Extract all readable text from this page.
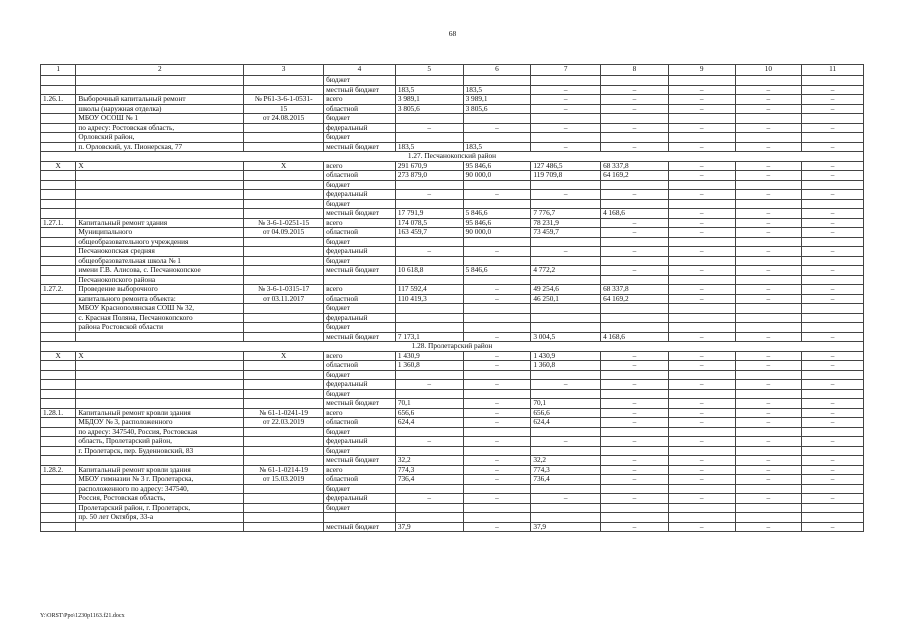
68
1	2	3	4	5	6	7	8	9	10	11
			бюджет							
			местный бюджет	183,5	183,5	–	–	–	–	–
1.26.1.	Выборочный капитальный ремонт	№ Р61-3-6-1-0531-	всего	3 989,1	3 989,1	–	–	–	–	–
	школы (наружная отделка)	15	областной	3 805,6	3 805,6	–	–	–	–	–
	МБОУ ОСОШ № 1	от 24.08.2015	бюджет							
	по адресу: Ростовская область,		федеральный	–	–	–	–	–	–	–
	Орловский район,		бюджет							
	п. Орловский, ул. Пионерская, 77		местный бюджет	183,5	183,5	–	–	–	–	–
1.27. Песчанокопский район										
Х	Х	Х	всего	291 670,9	95 846,6	127 486,5	68 337,8	–	–	–
			областной	273 879,0	90 000,0	119 709,8	64 169,2	–	–	–
			бюджет							
			федеральный	–	–	–	–	–	–	–
			бюджет							
			местный бюджет	17 791,9	5 846,6	7 776,7	4 168,6	–	–	–
1.27.1.	Капитальный ремонт здания	№ 3-6-1-0251-15	всего	174 078,5	95 846,6	78 231,9	–	–	–	–
	Муниципального	от 04.09.2015	областной	163 459,7	90 000,0	73 459,7	–	–	–	–
	общеобразовательного учреждения		бюджет							
	Песчанокопская средняя		федеральный	–	–	–	–	–	–	–
	общеобразовательная школа № 1		бюджет							
	имени Г.В. Алисова, с. Песчанокопское		местный бюджет	10 618,8	5 846,6	4 772,2	–	–	–	–
	Песчанокопского района									
1.27.2.	Проведение выборочного	№ 3-6-1-0315-17	всего	117 592,4	–	49 254,6	68 337,8	–	–	–
	капитального ремонта объекта:	от 03.11.2017	областной	110 419,3	–	46 250,1	64 169,2	–	–	–
	МБОУ Краснополянская СОШ № 32,		бюджет							
	с. Красная Поляна, Песчанокопского		федеральный							
	района Ростовской области		бюджет							
			местный бюджет	7 173,1	–	3 004,5	4 168,6	–	–	–
1.28. Пролетарский район										
Х	Х	Х	всего	1 430,9	–	1 430,9	–	–	–	–
			областной	1 360,8	–	1 360,8	–	–	–	–
			бюджет							
			федеральный	–	–	–	–	–	–	–
			бюджет							
			местный бюджет	70,1	–	70,1	–	–	–	–
1.28.1.	Капитальный ремонт кровли здания	№ 61-1-0241-19	всего	656,6	–	656,6	–	–	–	–
	МБДОУ № 3, расположенного	от 22.03.2019	областной	624,4	–	624,4	–	–	–	–
	по адресу: 347540, Россия, Ростовская		бюджет							
	область, Пролетарский район,		федеральный	–	–	–	–	–	–	–
	г. Пролетарск, пер. Буденновский, 83		бюджет							
			местный бюджет	32,2	–	32,2	–	–	–	–
1.28.2.	Капитальный ремонт кровли здания	№ 61-1-0214-19	всего	774,3	–	774,3	–	–	–	–
	МБОУ гимназии № 3 г. Пролетарска,	от 15.03.2019	областной	736,4	–	736,4	–	–	–	–
	расположенного по адресу: 347540,		бюджет							
	Россия, Ростовская область,		федеральный	–	–	–	–	–	–	–
	Пролетарский район, г. Пролетарск,		бюджет							
	пр. 50 лет Октября, 33-а									
			местный бюджет	37,9	–	37,9	–	–	–	–
Y:\ORST\Ppo\1230p1163.f21.docx
